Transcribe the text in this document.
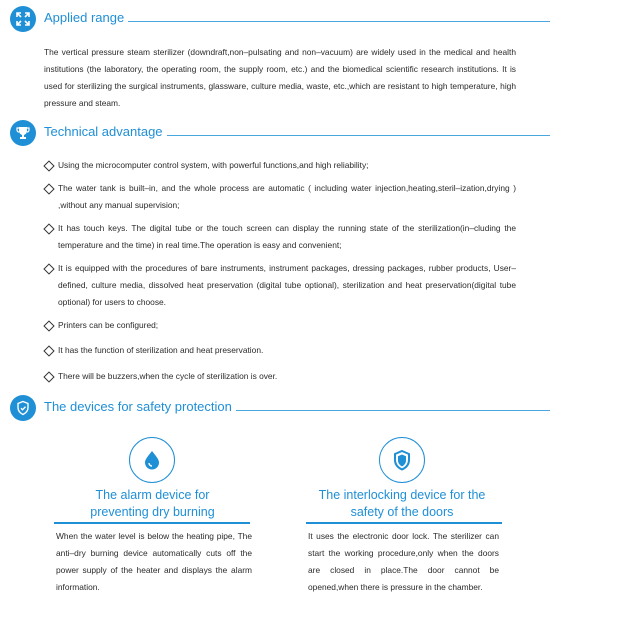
Applied range

The vertical pressure steam sterilizer (downdraft,non–pulsating and non–vacuum) are widely used in the medical and health institutions (the laboratory, the operating room, the supply room, etc.) and the biomedical scientific research institutions. It is used for sterilizing the surgical instruments, glassware, culture media, waste, etc.,which are resistant to high temperature, high pressure and steam.

Technical advantage
Using the microcomputer control system, with powerful functions,and high reliability;
The water tank is built–in, and the whole process are automatic ( including water injection,heating,steril–ization,drying ) ,without any manual supervision;
It has touch keys. The digital tube or the touch screen can display the running state of the sterilization(in–cluding the temperature and the time) in real time.The operation is easy and convenient;
It is equipped with the procedures of bare instruments, instrument packages, dressing packages, rubber products, User–defined, culture media, dissolved heat preservation (digital tube optional), sterilization and heat preservation(digital tube optional) for users to choose.
Printers can be configured;
It has the function of sterilization and heat preservation.
There will be buzzers,when the cycle of sterilization is over.
The devices for safety protection
The alarm device for preventing dry burning

When the water level is below the heating pipe, The anti–dry burning device automatically cuts off the power supply of the heater and displays the alarm information.

The interlocking device for the safety of the doors

It uses the electronic door lock. The sterilizer can start the working procedure,only when the doors are closed in place.The door cannot be opened,when there is pressure in the chamber.
